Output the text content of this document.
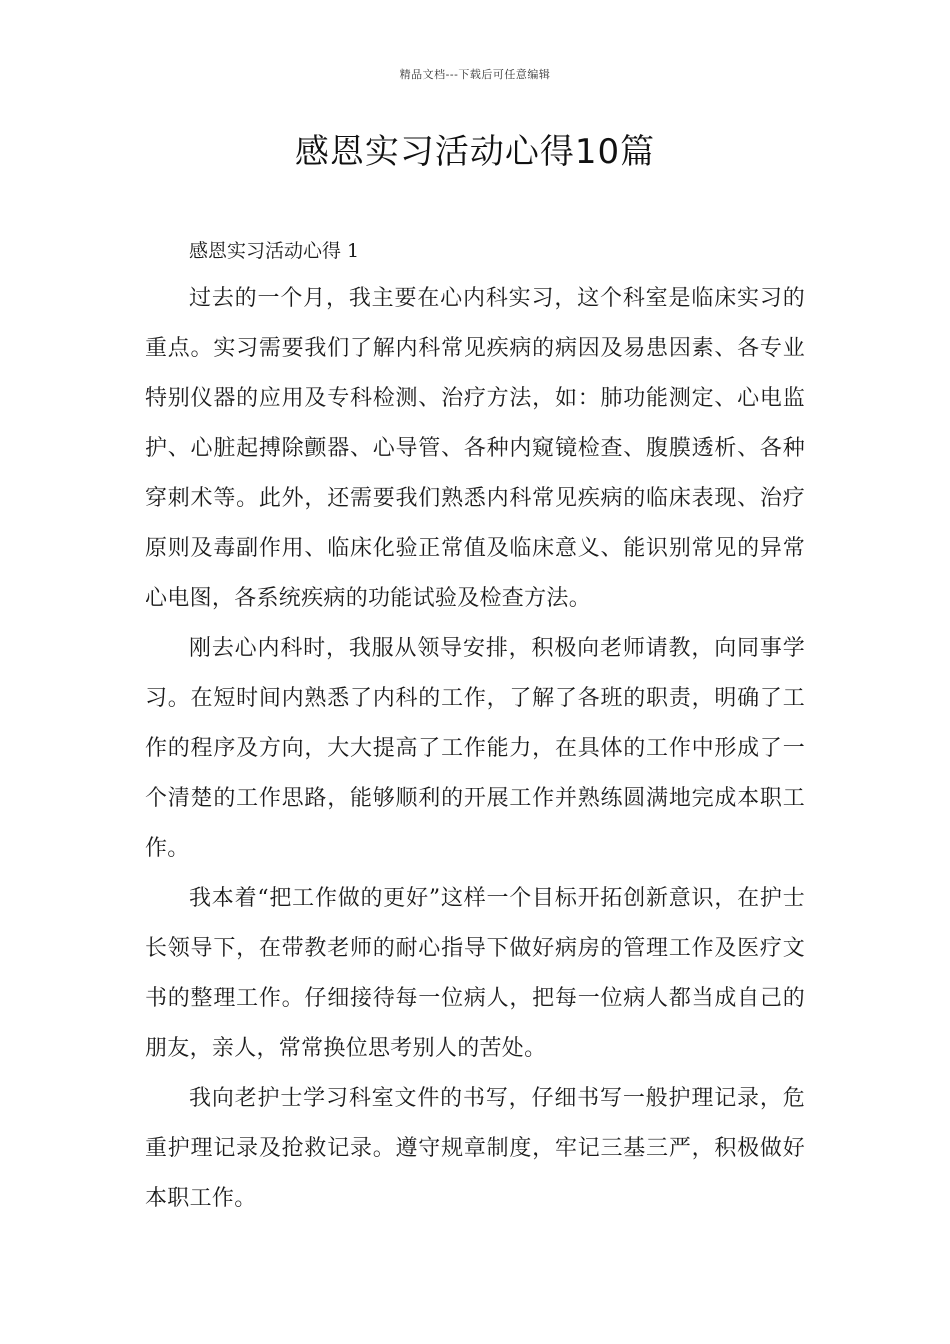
精品文档---下载后可任意编辑
感恩实习活动心得10篇

感恩实习活动心得 1

过去的一个月，我主要在心内科实习，这个科室是临床实习的重点。实习需要我们了解内科常见疾病的病因及易患因素、各专业特别仪器的应用及专科检测、治疗方法，如：肺功能测定、心电监护、心脏起搏除颤器、心导管、各种内窥镜检查、腹膜透析、各种穿刺术等。此外，还需要我们熟悉内科常见疾病的临床表现、治疗原则及毒副作用、临床化验正常值及临床意义、能识别常见的异常心电图，各系统疾病的功能试验及检查方法。

刚去心内科时，我服从领导安排，积极向老师请教，向同事学习。在短时间内熟悉了内科的工作，了解了各班的职责，明确了工作的程序及方向，大大提高了工作能力，在具体的工作中形成了一个清楚的工作思路，能够顺利的开展工作并熟练圆满地完成本职工作。

我本着“把工作做的更好”这样一个目标开拓创新意识，在护士长领导下，在带教老师的耐心指导下做好病房的管理工作及医疗文书的整理工作。仔细接待每一位病人，把每一位病人都当成自己的朋友，亲人，常常换位思考别人的苦处。

我向老护士学习科室文件的书写，仔细书写一般护理记录，危重护理记录及抢救记录。遵守规章制度，牢记三基三严，积极做好本职工作。
